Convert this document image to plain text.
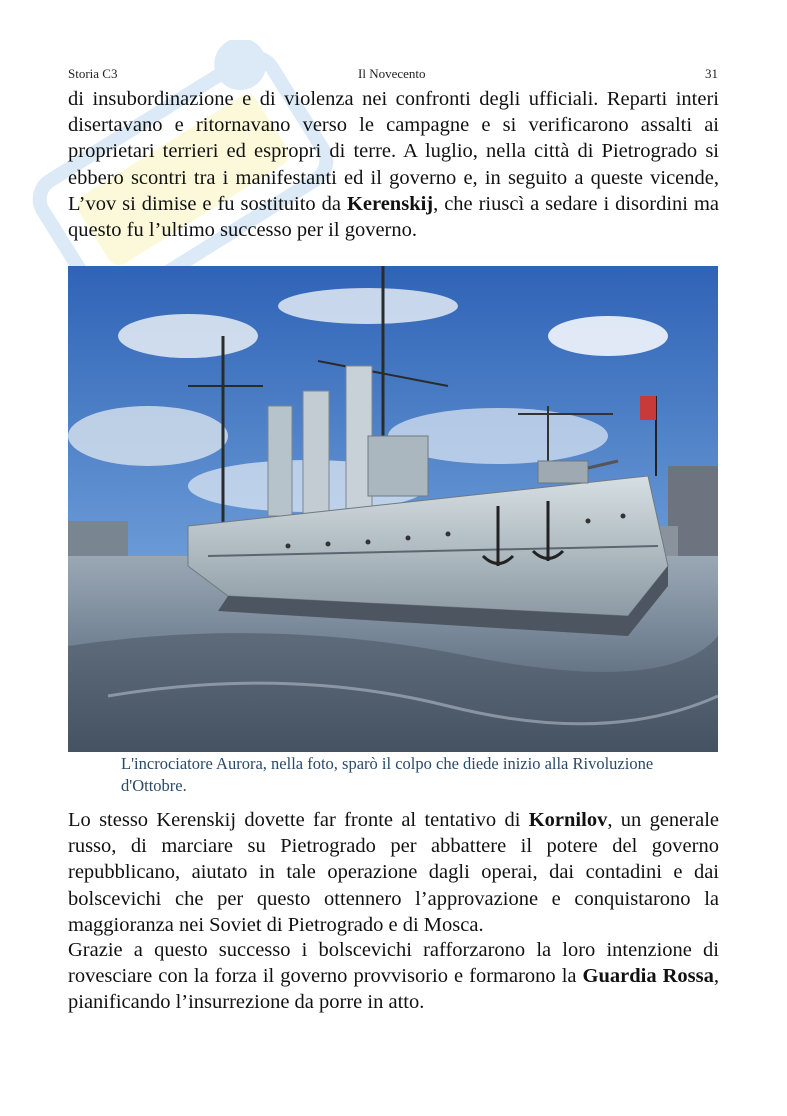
Storia C3	Il Novecento	31

di insubordinazione e di violenza nei confronti degli ufficiali. Reparti interi disertavano e ritornavano verso le campagne e si verificarono assalti ai proprietari terrieri ed espropri di terre. A luglio, nella città di Pietrogrado si ebbero scontri tra i manifestanti ed il governo e, in seguito a queste vicende, L’vov si dimise e fu sostituito da Kerenskij, che riuscì a sedare i disordini ma questo fu l’ultimo successo per il governo.

L'incrociatore Aurora, nella foto, sparò il colpo che diede inizio alla Rivoluzione d'Ottobre.

Lo stesso Kerenskij dovette far fronte al tentativo di Kornilov, un generale russo, di marciare su Pietrogrado per abbattere il potere del governo repubblicano, aiutato in tale operazione dagli operai, dai contadini e dai bolscevichi che per questo ottennero l’approvazione e conquistarono la maggioranza nei Soviet di Pietrogrado e di Mosca.

Grazie a questo successo i bolscevichi rafforzarono la loro intenzione di rovesciare con la forza il governo provvisorio e formarono la Guardia Rossa, pianificando l’insurrezione da porre in atto.
